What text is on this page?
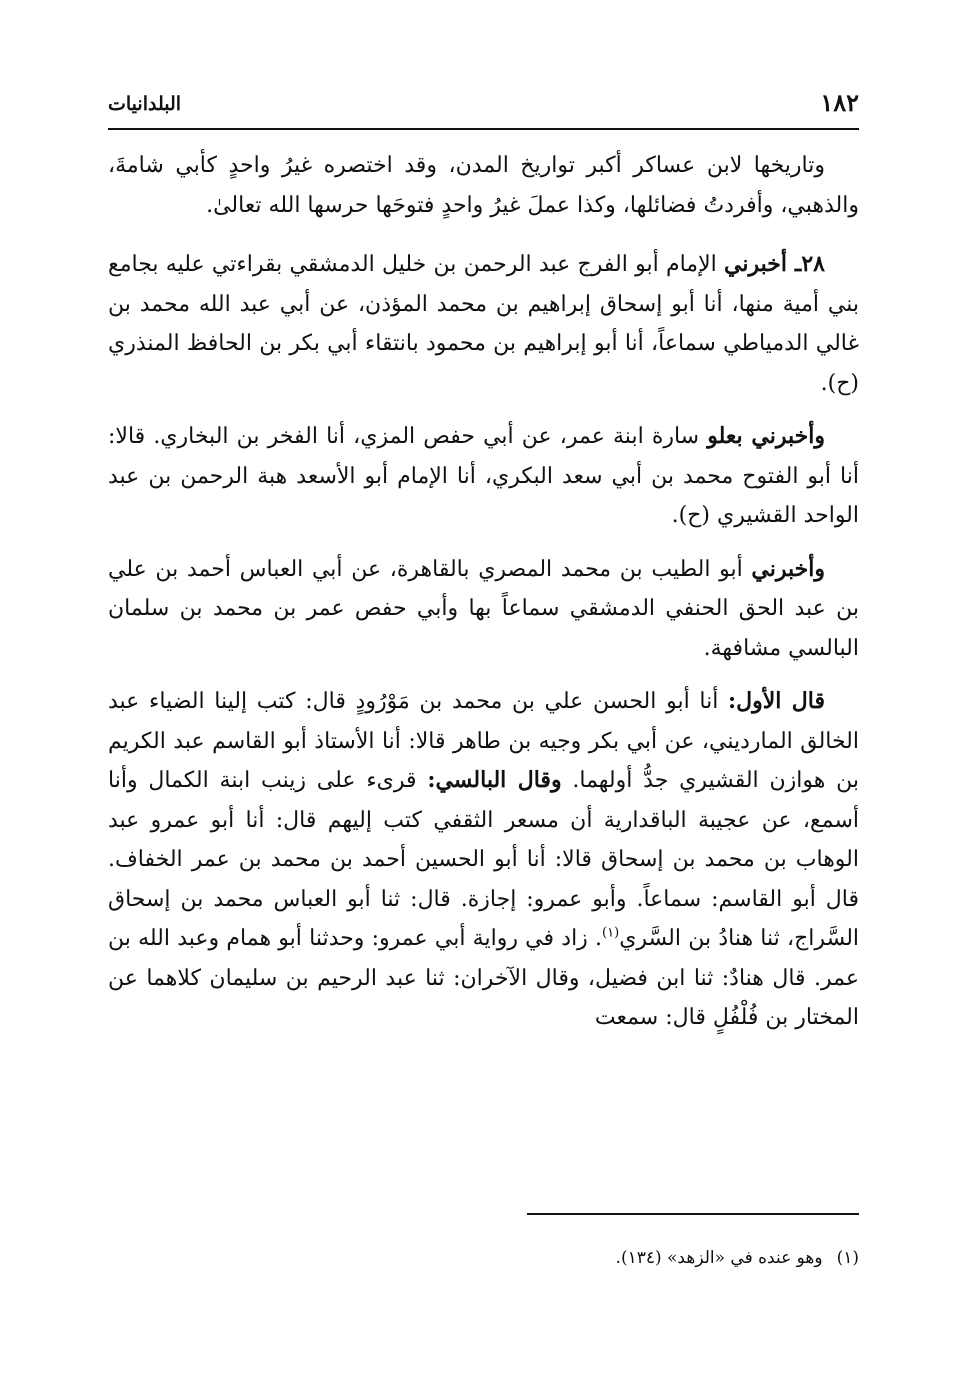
١٨٢
البلدانيات

وتاريخها لابن عساكر أكبر تواريخ المدن، وقد اختصره غيرُ واحدٍ كأبي شامةَ، والذهبي، وأفردتُ فضائلها، وكذا عملَ غيرُ واحدٍ فتوحَها حرسها الله تعالىٰ.

٢٨ـ أخبرني الإمام أبو الفرج عبد الرحمن بن خليل الدمشقي بقراءتي عليه بجامع بني أمية منها، أنا أبو إسحاق إبراهيم بن محمد المؤذن، عن أبي عبد الله محمد بن غالي الدمياطي سماعاً، أنا أبو إبراهيم بن محمود بانتقاء أبي بكر بن الحافظ المنذري (ح).

وأخبرني بعلو سارة ابنة عمر، عن أبي حفص المزي، أنا الفخر بن البخاري. قالا: أنا أبو الفتوح محمد بن أبي سعد البكري، أنا الإمام أبو الأسعد هبة الرحمن بن عبد الواحد القشيري (ح).

وأخبرني أبو الطيب بن محمد المصري بالقاهرة، عن أبي العباس أحمد بن علي بن عبد الحق الحنفي الدمشقي سماعاً بها وأبي حفص عمر بن محمد بن سلمان البالسي مشافهة.

قال الأول: أنا أبو الحسن علي بن محمد بن مَوْرُودٍ قال: كتب إلينا الضياء عبد الخالق المارديني، عن أبي بكر وجيه بن طاهر قالا: أنا الأستاذ أبو القاسم عبد الكريم بن هوازن القشيري جدُّ أولهما. وقال البالسي: قرىء على زينب ابنة الكمال وأنا أسمع، عن عجيبة الباقدارية أن مسعر الثقفي كتب إليهم قال: أنا أبو عمرو عبد الوهاب بن محمد بن إسحاق قالا: أنا أبو الحسين أحمد بن محمد بن عمر الخفاف. قال أبو القاسم: سماعاً. وأبو عمرو: إجازة. قال: ثنا أبو العباس محمد بن إسحاق السَّراج، ثنا هنادُ بن السَّري$^{(١)}$. زاد في رواية أبي عمرو: وحدثنا أبو همام وعبد الله بن عمر. قال هنادٌ: ثنا ابن فضيل، وقال الآخران: ثنا عبد الرحيم بن سليمان كلاهما عن المختار بن فُلْفُلٍ قال: سمعت

(١)وهو عنده في «الزهد» (١٣٤).
